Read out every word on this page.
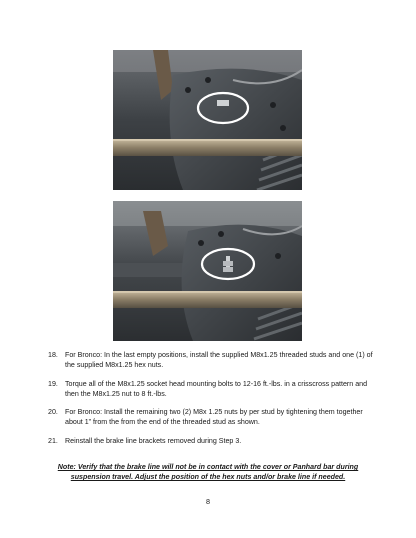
18.	For Bronco: In the last empty positions, install the supplied M8x1.25 threaded studs and one (1) of the supplied M8x1.25 hex nuts.
19.	Torque all of the M8x1.25 socket head mounting bolts to 12-16 ft.-lbs. in a crisscross pattern and then the M8x1.25 nut to 8 ft.-lbs.
20.	For Bronco: Install the remaining two (2) M8x 1.25 nuts by per stud by tightening them together about 1” from the from the end of the threaded stud as shown.
21.	Reinstall the brake line brackets removed during Step 3.
Note: Verify that the brake line will not be in contact with the cover or Panhard bar during suspension travel. Adjust the position of the hex nuts and/or brake line if needed.
8
